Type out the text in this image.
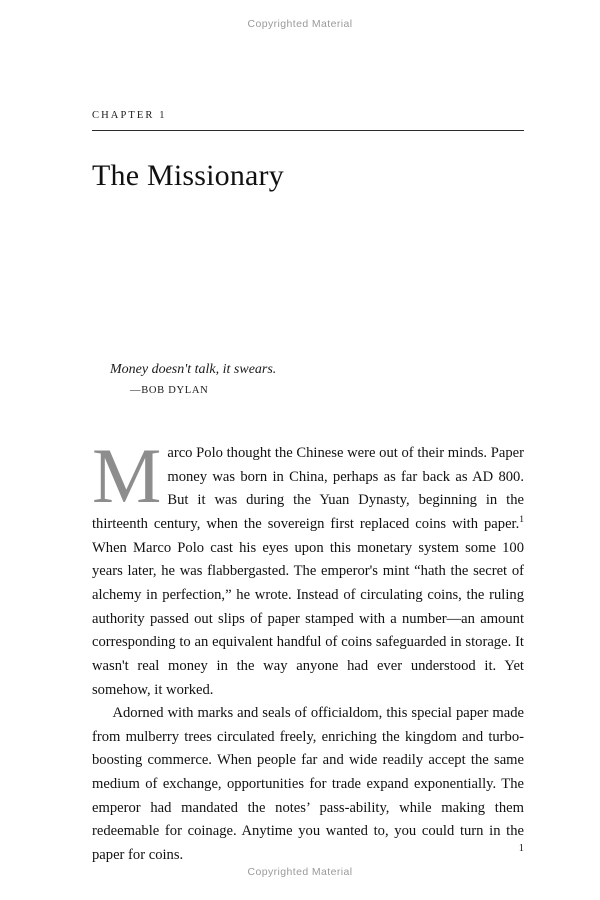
Copyrighted Material
CHAPTER 1
The Missionary
Money doesn't talk, it swears.
—BOB DYLAN

Marco Polo thought the Chinese were out of their minds. Paper money was born in China, perhaps as far back as AD 800. But it was during the Yuan Dynasty, beginning in the thirteenth century, when the sovereign first replaced coins with paper.$^1$ When Marco Polo cast his eyes upon this monetary system some 100 years later, he was flabbergasted. The emperor's mint “hath the secret of alchemy in perfection,” he wrote. Instead of circulating coins, the ruling authority passed out slips of paper stamped with a number—an amount corresponding to an equivalent handful of coins safeguarded in storage. It wasn't real money in the way anyone had ever understood it. Yet somehow, it worked.

Adorned with marks and seals of officialdom, this special paper made from mulberry trees circulated freely, enriching the kingdom and turbo-boosting commerce. When people far and wide readily accept the same medium of exchange, opportunities for trade expand exponentially. The emperor had mandated the notes’ pass-ability, while making them redeemable for coinage. Anytime you wanted to, you could turn in the paper for coins.	1
Copyrighted Material
